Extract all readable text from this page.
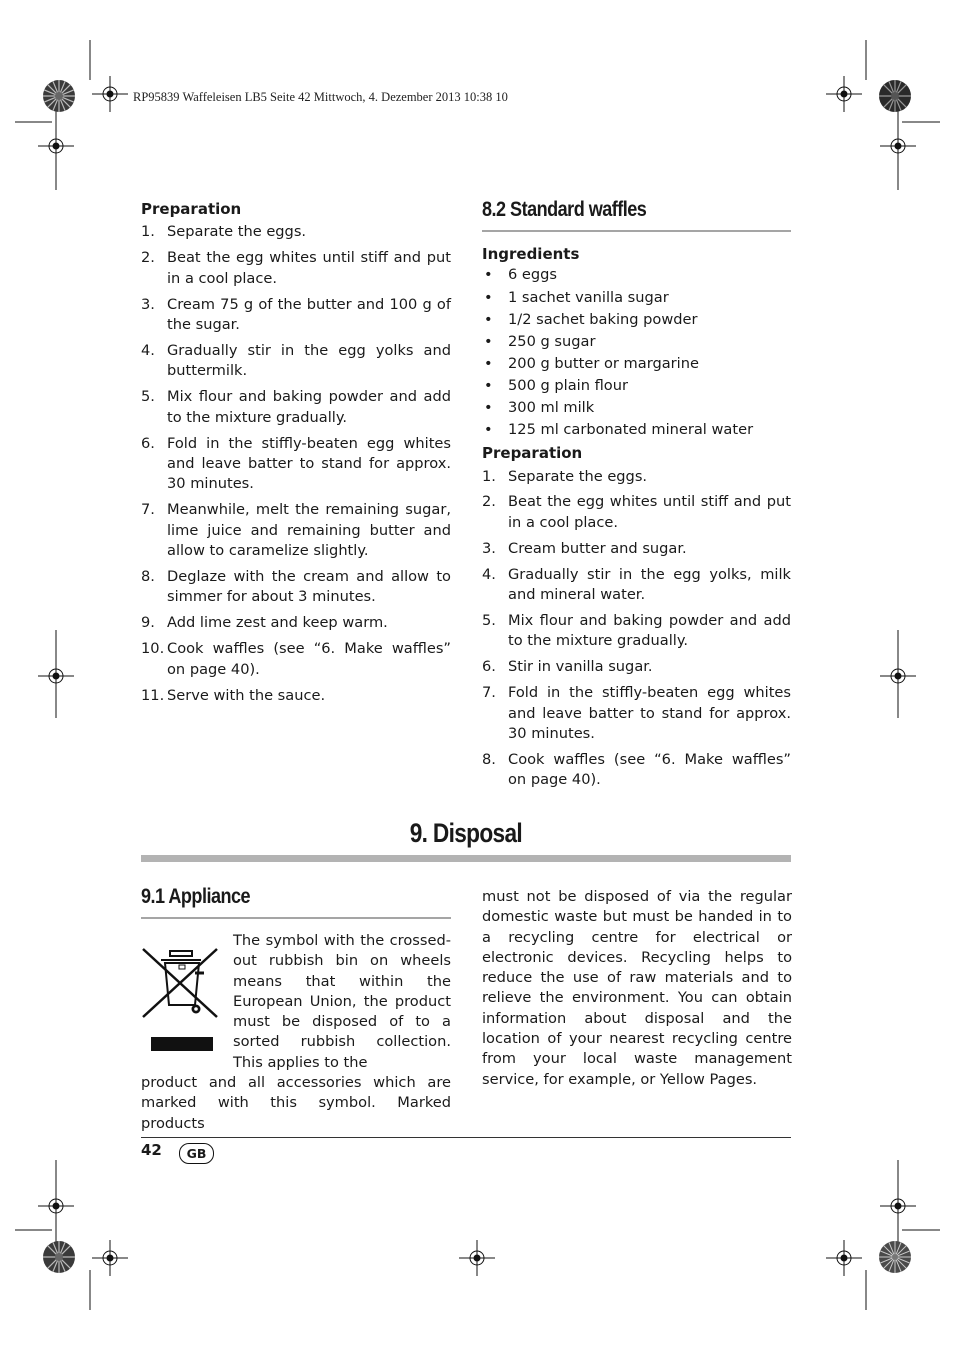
RP95839 Waffeleisen LB5 Seite 42 Mittwoch, 4. Dezember 2013 10:38 10
Preparation
1. Separate the eggs.
2. Beat the egg whites until stiff and put in a cool place.
3. Cream 75 g of the butter and 100 g of the sugar.
4. Gradually stir in the egg yolks and buttermilk.
5. Mix flour and baking powder and add to the mixture gradually.
6. Fold in the stiffly-beaten egg whites and leave batter to stand for approx. 30 minutes.
7. Meanwhile, melt the remaining sugar, lime juice and remaining butter and allow to caramelize slightly.
8. Deglaze with the cream and allow to simmer for about 3 minutes.
9. Add lime zest and keep warm.
10. Cook waffles (see “6. Make waffles” on page 40).
11. Serve with the sauce.
8.2 Standard waffles
Ingredients
•	6 eggs
•	1 sachet vanilla sugar
•	1/2 sachet baking powder
•	250 g sugar
•	200 g butter or margarine
•	500 g plain flour
•	300 ml milk
•	125 ml carbonated mineral water
Preparation
1. Separate the eggs.
2. Beat the egg whites until stiff and put in a cool place.
3. Cream butter and sugar.
4. Gradually stir in the egg yolks, milk and mineral water.
5. Mix flour and baking powder and add to the mixture gradually.
6. Stir in vanilla sugar.
7. Fold in the stiffly-beaten egg whites and leave batter to stand for approx. 30 minutes.
8. Cook waffles (see “6. Make waffles” on page 40).
9. Disposal
9.1 Appliance
The symbol with the crossed-out rubbish bin on wheels means that within the European Union, the product must be disposed of to a sorted rubbish collection. This applies to the
product and all accessories which are marked with this symbol. Marked products
must not be disposed of via the regular domestic waste but must be handed in to a recycling centre for electrical or electronic devices. Recycling helps to reduce the use of raw materials and to relieve the environment. You can obtain information about disposal and the location of your nearest recycling centre from your local waste management service, for example, or Yellow Pages.
42	GB
